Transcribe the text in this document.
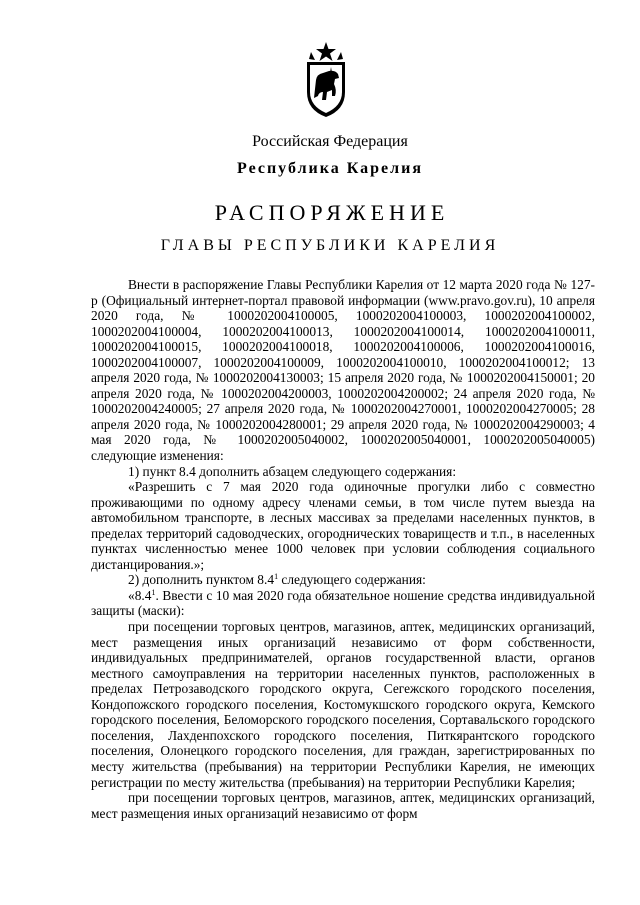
Российская Федерация
Республика Карелия
РАСПОРЯЖЕНИЕ
ГЛАВЫ РЕСПУБЛИКИ КАРЕЛИЯ

Внести в распоряжение Главы Республики Карелия от 12 марта 2020 года № 127-р (Официальный интернет-портал правовой информации (www.pravo.gov.ru), 10 апреля 2020 года, № 1000202004100005, 1000202004100003, 1000202004100002, 1000202004100004, 1000202004100013, 1000202004100014, 1000202004100011, 1000202004100015, 1000202004100018, 1000202004100006, 1000202004100016, 1000202004100007, 1000202004100009, 1000202004100010, 1000202004100012; 13 апреля 2020 года, № 1000202004130003; 15 апреля 2020 года, № 1000202004150001; 20 апреля 2020 года, № 1000202004200003, 1000202004200002; 24 апреля 2020 года, № 1000202004240005; 27 апреля 2020 года, № 1000202004270001, 1000202004270005; 28 апреля 2020 года, № 1000202004280001; 29 апреля 2020 года, № 1000202004290003; 4 мая 2020 года, № 1000202005040002, 1000202005040001, 1000202005040005) следующие изменения:

1) пункт 8.4 дополнить абзацем следующего содержания:

«Разрешить с 7 мая 2020 года одиночные прогулки либо с совместно проживающими по одному адресу членами семьи, в том числе путем выезда на автомобильном транспорте, в лесных массивах за пределами населенных пунктов, в пределах территорий садоводческих, огороднических товариществ и т.п., в населенных пунктах численностью менее 1000 человек при условии соблюдения социального дистанцирования.»;

2) дополнить пунктом $8.4^1$ следующего содержания:

«$8.4^1$. Ввести с 10 мая 2020 года обязательное ношение средства индивидуальной защиты (маски):

при посещении торговых центров, магазинов, аптек, медицинских организаций, мест размещения иных организаций независимо от форм собственности, индивидуальных предпринимателей, органов государственной власти, органов местного самоуправления на территории населенных пунктов, расположенных в пределах Петрозаводского городского округа, Сегежского городского поселения, Кондопожского городского поселения, Костомукшского городского округа, Кемского городского поселения, Беломорского городского поселения, Сортавальского городского поселения, Лахденпохского городского поселения, Питкярантского городского поселения, Олонецкого городского поселения, для граждан, зарегистрированных по месту жительства (пребывания) на территории Республики Карелия, не имеющих регистрации по месту жительства (пребывания) на территории Республики Карелия;

при посещении торговых центров, магазинов, аптек, медицинских организаций, мест размещения иных организаций независимо от форм
